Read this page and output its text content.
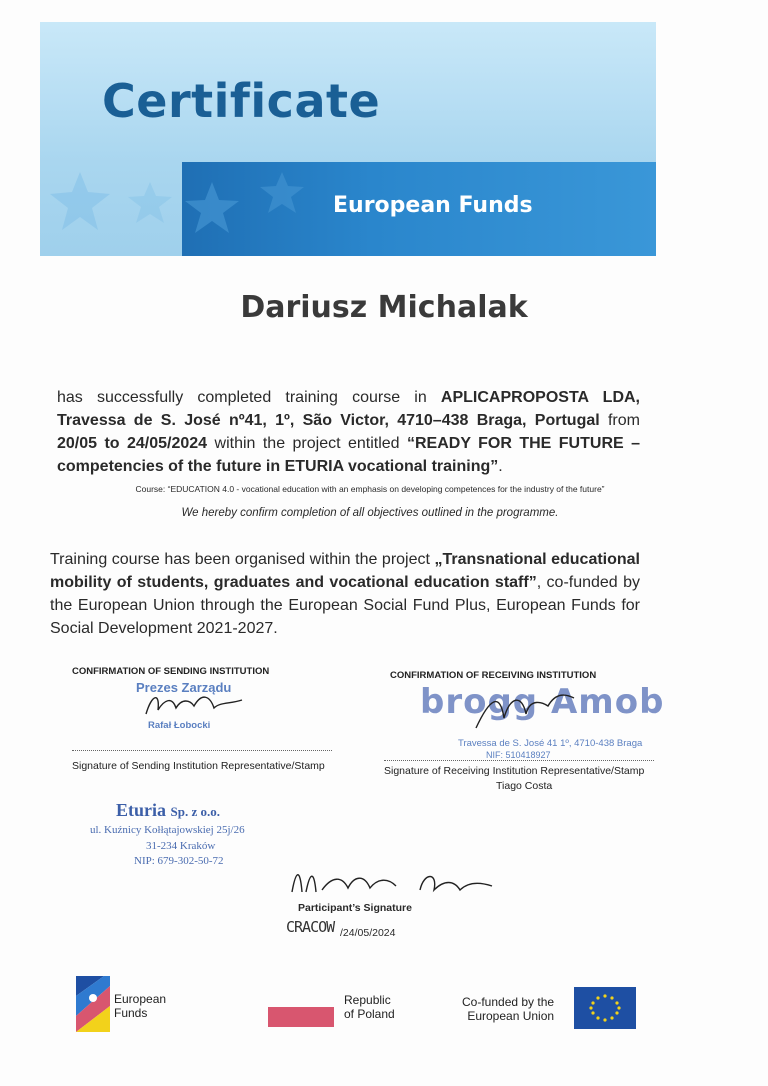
Certificate
European Funds
Dariusz Michalak
has successfully completed training course in APLICAPROPOSTA LDA, Travessa de S. José nº41, 1º, São Victor, 4710–438 Braga, Portugal from 20/05 to 24/05/2024 within the project entitled “READY FOR THE FUTURE – competencies of the future in ETURIA vocational training”.
Course: “EDUCATION 4.0 - vocational education with an emphasis on developing competences for the industry of the future”
We hereby confirm completion of all objectives outlined in the programme.
Training course has been organised within the project „Transnational educational mobility of students, graduates and vocational education staff”, co-funded by the European Union through the European Social Fund Plus, European Funds for Social Development 2021-2027.
CONFIRMATION OF SENDING INSTITUTION
Prezes Zarządu
Rafał Łobocki
Signature of Sending Institution Representative/Stamp
CONFIRMATION OF RECEIVING INSTITUTION
brogg Amob
Travessa de S. José 41 1º, 4710-438 Braga
NIF: 510418927
Signature of Receiving Institution Representative/Stamp
Tiago Costa
Eturia Sp. z o.o.
ul. Kuźnicy Kołłątajowskiej 25j/26
31-234 Kraków
NIP: 679-302-50-72
Participant’s Signature
CRACOW /24/05/2024
European
Funds
Republic
of Poland
Co-funded by the
European Union
